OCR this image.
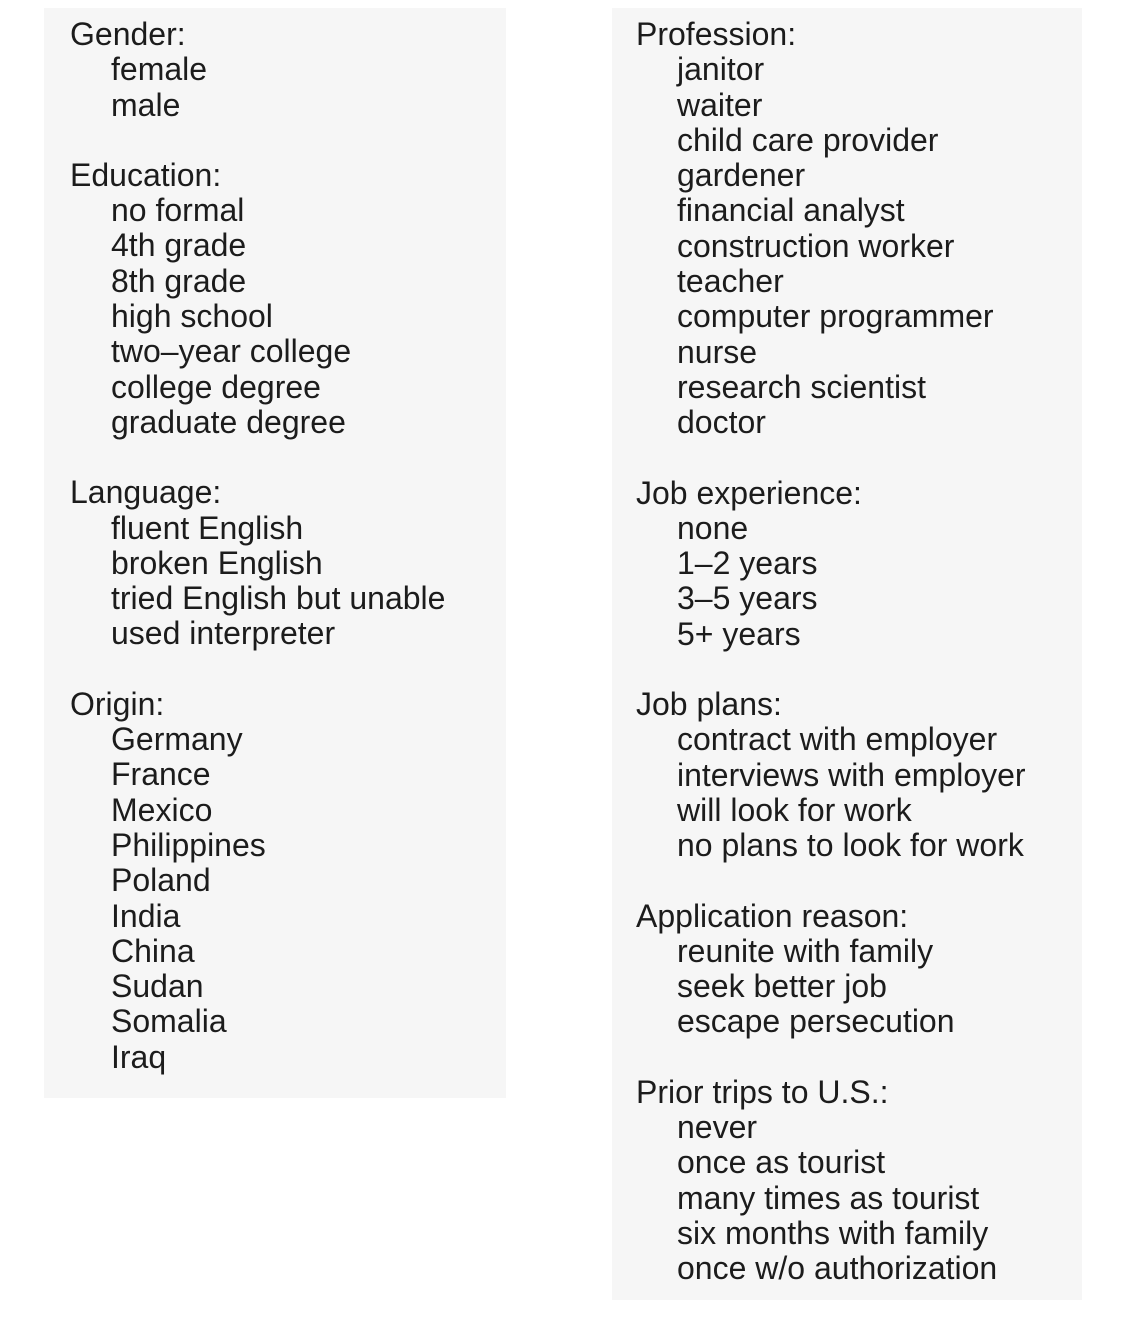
Gender:
female
male
Education:
no formal
4th grade
8th grade
high school
two–year college
college degree
graduate degree
Language:
fluent English
broken English
tried English but unable
used interpreter
Origin:
Germany
France
Mexico
Philippines
Poland
India
China
Sudan
Somalia
Iraq
Profession:
janitor
waiter
child care provider
gardener
financial analyst
construction worker
teacher
computer programmer
nurse
research scientist
doctor
Job experience:
none
1–2 years
3–5 years
5+ years
Job plans:
contract with employer
interviews with employer
will look for work
no plans to look for work
Application reason:
reunite with family
seek better job
escape persecution
Prior trips to U.S.:
never
once as tourist
many times as tourist
six months with family
once w/o authorization
